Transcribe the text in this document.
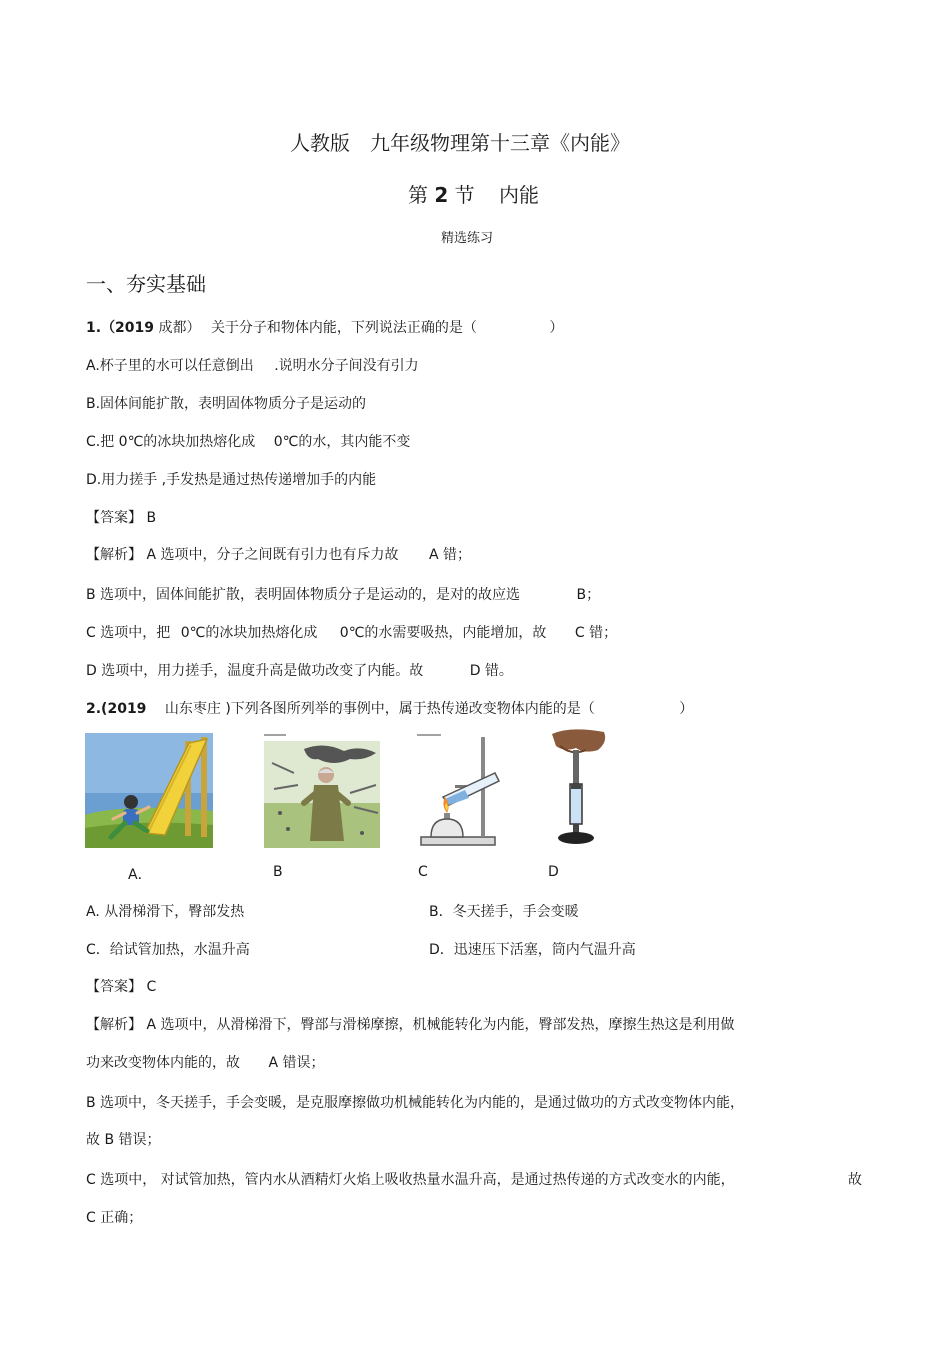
人教版　九年级物理第十三章《内能》
第 2 节 内能
精选练习
一、夯实基础
1.（2019 成都） 关于分子和物体内能，下列说法正确的是（	）
A.杯子里的水可以任意倒出 .说明水分子间没有引力
B.固体间能扩散，表明固体物质分子是运动的
C.把 0℃的冰块加热熔化成 0℃的水，其内能不变
D.用力搓手 ,手发热是通过热传递增加手的内能
【答案】 B
【解析】 A 选项中，分子之间既有引力也有斥力故 A 错；
B 选项中，固体间能扩散，表明固体物质分子是运动的，是对的故应选	B；
C 选项中，把 0℃的冰块加热熔化成 0℃的水需要吸热，内能增加，故 C 错；
D 选项中，用力搓手，温度升高是做功改变了内能。故	D 错。
2.(2019 山东枣庄 )下列各图所列举的事例中，属于热传递改变物体内能的是（	）
A．	B	C	D
A. 从滑梯滑下，臀部发热	B．冬天搓手，手会变暖
C．给试管加热，水温升高	D．迅速压下活塞，筒内气温升高
【答案】 C
【解析】 A 选项中，从滑梯滑下，臀部与滑梯摩擦，机械能转化为内能，臀部发热，摩擦生热这是利用做
功来改变物体内能的，故 A 错误；
B 选项中，冬天搓手，手会变暖，是克服摩擦做功机械能转化为内能的，是通过做功的方式改变物体内能，
故 B 错误；
C 选项中， 对试管加热，管内水从酒精灯火焰上吸收热量水温升高，是通过热传递的方式改变水的内能，	故
C 正确；
